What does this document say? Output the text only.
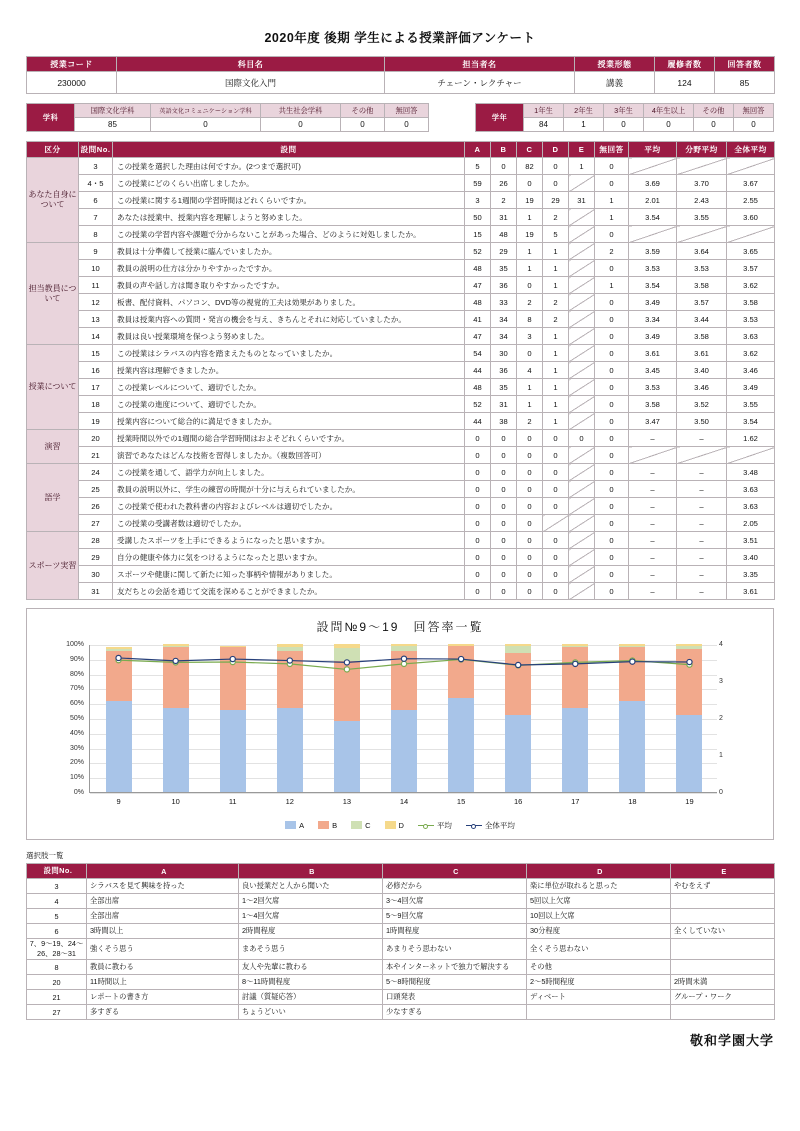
2020年度 後期 学生による授業評価アンケート
授業コード	科目名	担当者名	授業形態	履修者数	回答者数
230000	国際文化入門	チェーン・レクチャー	講義	124	85
学科	国際文化学科	英語文化コミュニケーション学科	共生社会学科	その他	無回答
	85	0	0	0	0
学年	1年生	2年生	3年生	4年生以上	その他	無回答
	84	1	0	0	0	0
区分	設問No.	設問	A	B	C	D	E	無回答	平均	分野平均	全体平均
あなた自身について	3	この授業を選択した理由は何ですか。(2つまで選択可)	5	0	82	0	1	0			
	4・5	この授業にどのくらい出席しましたか。	59	26	0	0		0	3.69	3.70	3.67
	6	この授業に関する1週間の学習時間はどれくらいですか。	3	2	19	29	31	1	2.01	2.43	2.55
	7	あなたは授業中、授業内容を理解しようと努めました。	50	31	1	2		1	3.54	3.55	3.60
	8	この授業の学習内容や課題で分からないことがあった場合、どのように対処しましたか。	15	48	19	5		0			
担当教員について	9	教員は十分準備して授業に臨んでいましたか。	52	29	1	1		2	3.59	3.64	3.65
	10	教員の説明の仕方は分かりやすかったですか。	48	35	1	1		0	3.53	3.53	3.57
	11	教員の声や話し方は聞き取りやすかったですか。	47	36	0	1		1	3.54	3.58	3.62
	12	板書、配付資料、パソコン、DVD等の視覚的工夫は効果がありました。	48	33	2	2		0	3.49	3.57	3.58
	13	教員は授業内容への質問・発言の機会を与え、きちんとそれに対応していましたか。	41	34	8	2		0	3.34	3.44	3.53
	14	教員は良い授業環境を保つよう努めました。	47	34	3	1		0	3.49	3.58	3.63
授業について	15	この授業はシラバスの内容を踏まえたものとなっていましたか。	54	30	0	1		0	3.61	3.61	3.62
	16	授業内容は理解できましたか。	44	36	4	1		0	3.45	3.40	3.46
	17	この授業レベルについて、適切でしたか。	48	35	1	1		0	3.53	3.46	3.49
	18	この授業の進度について、適切でしたか。	52	31	1	1		0	3.58	3.52	3.55
	19	授業内容について総合的に満足できましたか。	44	38	2	1		0	3.47	3.50	3.54
演習	20	授業時間以外での1週間の総合学習時間はおよそどれくらいですか。	0	0	0	0	0	0	–	–	1.62
	21	演習であなたはどんな技術を習得しましたか。（複数回答可）	0	0	0	0		0			
語学	24	この授業を通して、語学力が向上しました。	0	0	0	0		0	–	–	3.48
	25	教員の説明以外に、学生の練習の時間が十分に与えられていましたか。	0	0	0	0		0	–	–	3.63
	26	この授業で使われた教科書の内容およびレベルは適切でしたか。	0	0	0	0		0	–	–	3.63
	27	この授業の受講者数は適切でしたか。	0	0	0			0	–	–	2.05
スポーツ実習	28	受講したスポーツを上手にできるようになったと思いますか。	0	0	0	0		0	–	–	3.51
	29	自分の健康や体力に気をつけるようになったと思いますか。	0	0	0	0		0	–	–	3.40
	30	スポーツや健康に関して新たに知った事柄や情報がありました。	0	0	0	0		0	–	–	3.35
	31	友だちとの会話を通じて交流を深めることができましたか。	0	0	0	0		0	–	–	3.61
設問№9〜19　回答率一覧
0%
10%
20%
30%
40%
50%
60%
70%
80%
90%
100%
0
1
2
3
4
9	10	11	12	13	14	15	16	17	18	19
A	B	C	D	平均	全体平均
選択肢一覧
設問No.	A	B	C	D	E
3	シラバスを見て興味を持った	良い授業だと人から聞いた	必修だから	楽に単位が取れると思った	やむをえず
4	全部出席	1〜2回欠席	3〜4回欠席	5回以上欠席	
5	全部出席	1〜4回欠席	5〜9回欠席	10回以上欠席	
6	3時間以上	2時間程度	1時間程度	30分程度	全くしていない
7、9〜19、24〜26、28〜31	強くそう思う	まあそう思う	あまりそう思わない	全くそう思わない	
8	教員に教わる	友人や先輩に教わる	本やインターネットで独力で解決する	その他	
20	11時間以上	8〜11時間程度	5〜8時間程度	2〜5時間程度	2時間未満
21	レポートの書き方	討議（質疑応答）	口頭発表	ディベート	グループ・ワーク
27	多すぎる	ちょうどいい	少なすぎる		
敬和学園大学
